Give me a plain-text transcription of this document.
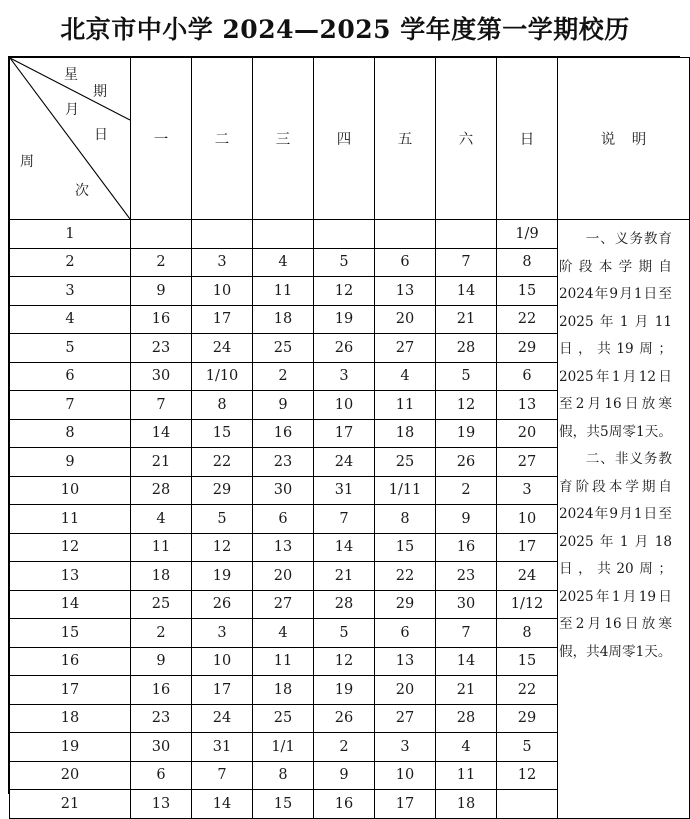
北京市中小学 2024—2025 学年度第一学期校历
星
期
月
日
周
次
	一	二	三	四	五	六	日	说 明
1							1/9	
2	2	3	4	5	6	7	8	
3	9	10	11	12	13	14	15	
4	16	17	18	19	20	21	22	
5	23	24	25	26	27	28	29	
6	30	1/10	2	3	4	5	6	
7	7	8	9	10	11	12	13	
8	14	15	16	17	18	19	20	
9	21	22	23	24	25	26	27	
10	28	29	30	31	1/11	2	3	
11	4	5	6	7	8	9	10	
12	11	12	13	14	15	16	17	
13	18	19	20	21	22	23	24	
14	25	26	27	28	29	30	1/12	
15	2	3	4	5	6	7	8	
16	9	10	11	12	13	14	15	
17	16	17	18	19	20	21	22	
18	23	24	25	26	27	28	29	
19	30	31	1/1	2	3	4	5	
20	6	7	8	9	10	11	12	
21	13	14	15	16	17	18		

一、义务教育阶段本学期自2024年9月1日至2025年1月11日，共19周；2025年1月12日至2月16日放寒假，共5周零1天。

二、非义务教育阶段本学期自2024年9月1日至2025年1月18日，共20周；2025年1月19日至2月16日放寒假，共4周零1天。
